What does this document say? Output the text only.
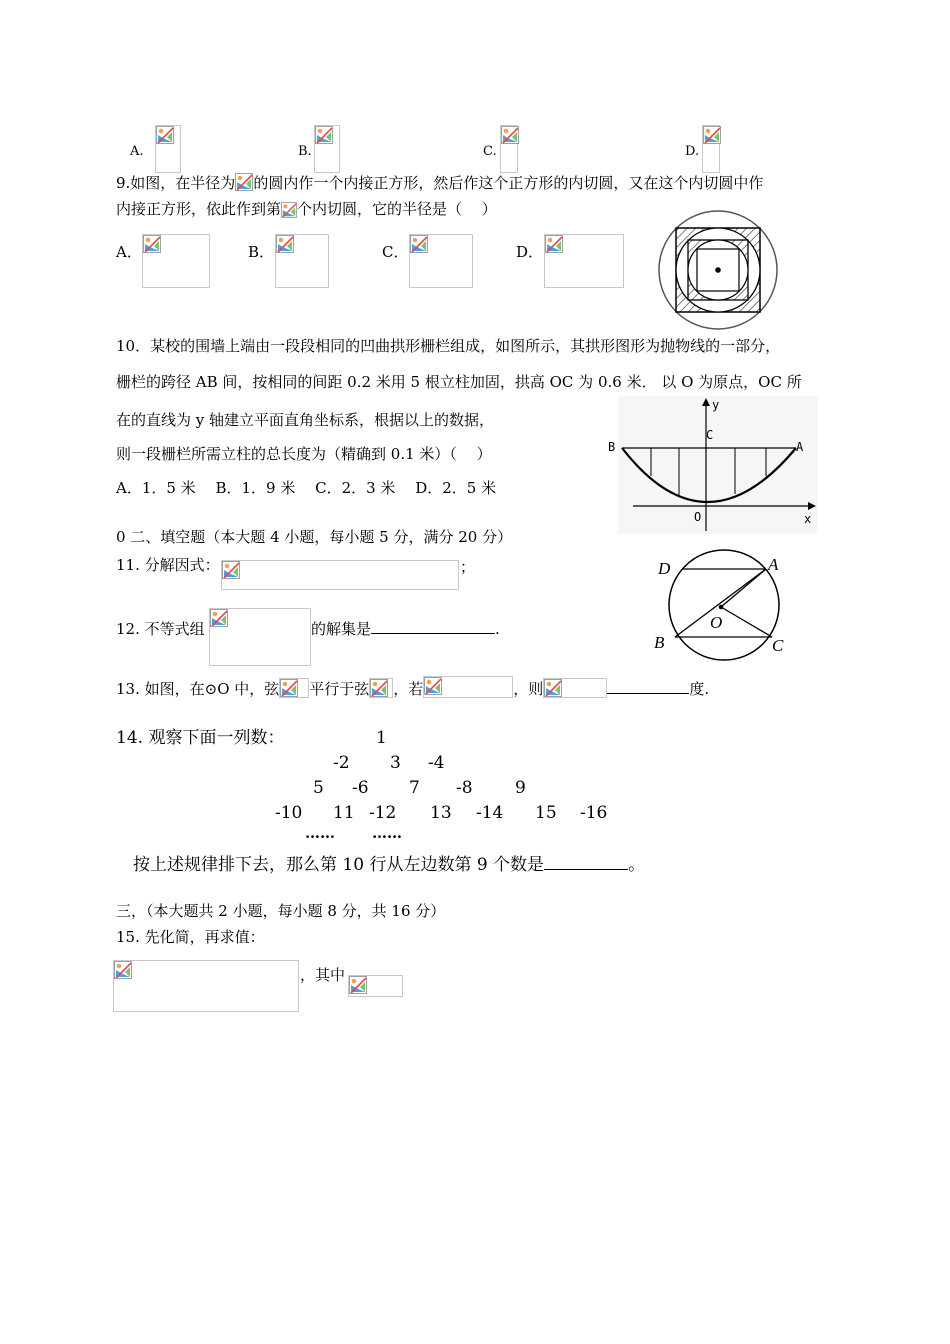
A.	B.	C.	D.
9.如图，在半径为 的圆内作一个内接正方形，然后作这个正方形的内切圆，又在这个内切圆中作
内接正方形，依此作到第 个内切圆，它的半径是（　 ）
A．	B．	C．	D．
10．某校的围墙上端由一段段相同的凹曲拱形栅栏组成，如图所示，其拱形图形为抛物线的一部分，
栅栏的跨径 AB 间，按相同的间距 0.2 米用 5 根立柱加固，拱高 OC 为 0.6 米． 以 O 为原点，OC 所
在的直线为 y 轴建立平面直角坐标系，根据以上的数据，
则一段栅栏所需立柱的总长度为（精确到 0.1 米）（　 ）
A．1．5 米　 B．1．9 米　 C．2．3 米　 D．2．5 米
y
C
B	A
O	x
0 二、填空题（本大题 4 小题，每小题 5 分，满分 20 分）
11. 分解因式：	；
12. 不等式组	的解集是	.
13. 如图，在⊙O 中，弦 平行于弦 ，若	，则	度.
D	A
O
B	C
14. 观察下面一列数：	1
-2 3 -4
5 -6 7 -8 9
-10 11 -12 13 -14 15 -16
…… ……
按上述规律排下去，那么第 10 行从左边数第 9 个数是	。
三，（本大题共 2 小题，每小题 8 分，共 16 分）
15. 先化简，再求值：
，其中
